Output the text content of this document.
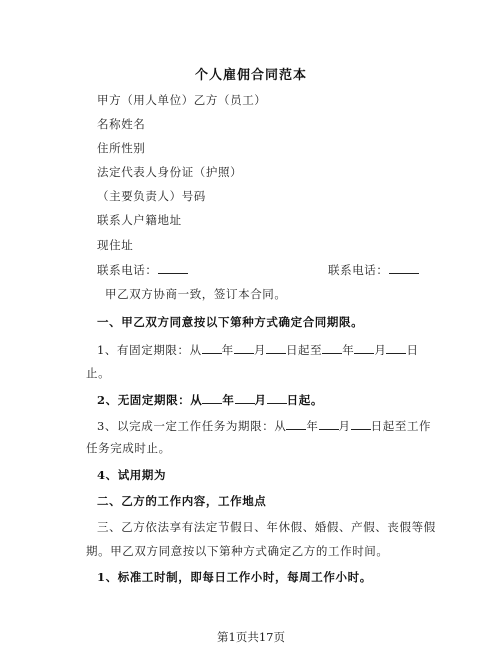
个人雇佣合同范本
甲方（用人单位）乙方（员工）
名称姓名
住所性别
法定代表人身份证（护照）
（主要负责人）号码
联系人户籍地址
现住址
联系电话：	联系电话：
甲乙双方协商一致，签订本合同。
一、甲乙双方同意按以下第种方式确定合同期限。
1、有固定期限：从 年 月 日起至 年 月 日
止。
2、无固定期限：从 年 月 日起。
3、以完成一定工作任务为期限：从 年 月 日起至工作
任务完成时止。
4、试用期为
二、乙方的工作内容，工作地点
三、乙方依法享有法定节假日、年休假、婚假、产假、丧假等假
期。甲乙双方同意按以下第种方式确定乙方的工作时间。
1、标准工时制，即每日工作小时，每周工作小时。
第1页共17页
